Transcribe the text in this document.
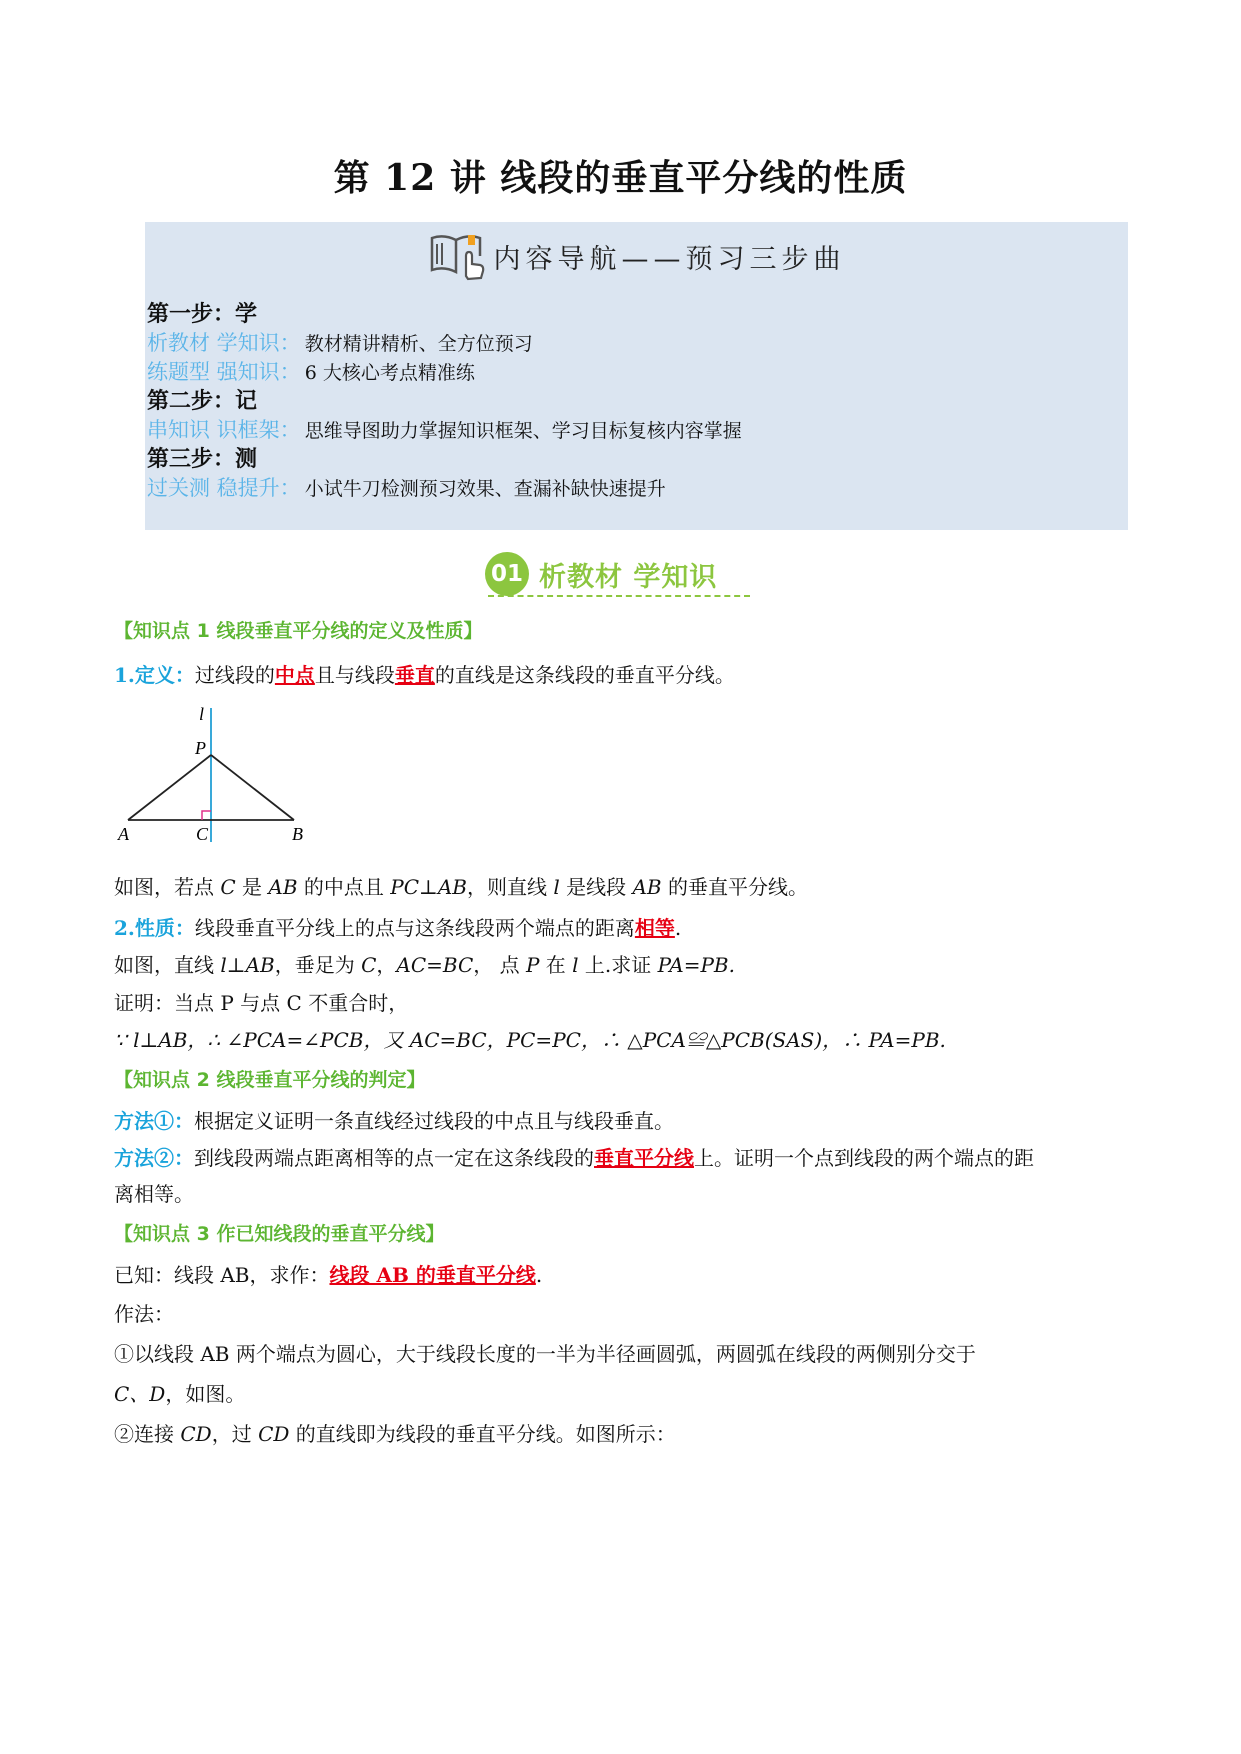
第 12 讲 线段的垂直平分线的性质
内容导航——预习三步曲
第一步：学
析教材 学知识： 教材精讲精析、全方位预习
练题型 强知识： 6 大核心考点精准练
第二步：记
串知识 识框架： 思维导图助力掌握知识框架、学习目标复核内容掌握
第三步：测
过关测 稳提升： 小试牛刀检测预习效果、查漏补缺快速提升
01 析教材 学知识
【知识点 1 线段垂直平分线的定义及性质】
1.定义：过线段的中点且与线段垂直的直线是这条线段的垂直平分线。
l
P
A	C	B
如图，若点 C 是 AB 的中点且 PC⊥AB，则直线 l 是线段 AB 的垂直平分线。
2.性质：线段垂直平分线上的点与这条线段两个端点的距离相等.
如图，直线 l⊥AB，垂足为 C，AC=BC， 点 P 在 l 上.求证 PA=PB.
证明：当点 P 与点 C 不重合时，
∵ l⊥AB，∴ ∠PCA=∠PCB，又 AC=BC，PC=PC，∴ △PCA≌△PCB(SAS)，∴ PA=PB.
【知识点 2 线段垂直平分线的判定】
方法①：根据定义证明一条直线经过线段的中点且与线段垂直。
方法②：到线段两端点距离相等的点一定在这条线段的垂直平分线上。证明一个点到线段的两个端点的距
离相等。
【知识点 3 作已知线段的垂直平分线】
已知：线段 AB，求作：线段 AB 的垂直平分线.
作法：
①以线段 AB 两个端点为圆心，大于线段长度的一半为半径画圆弧，两圆弧在线段的两侧别分交于
C、D，如图。
②连接 CD，过 CD 的直线即为线段的垂直平分线。如图所示：
